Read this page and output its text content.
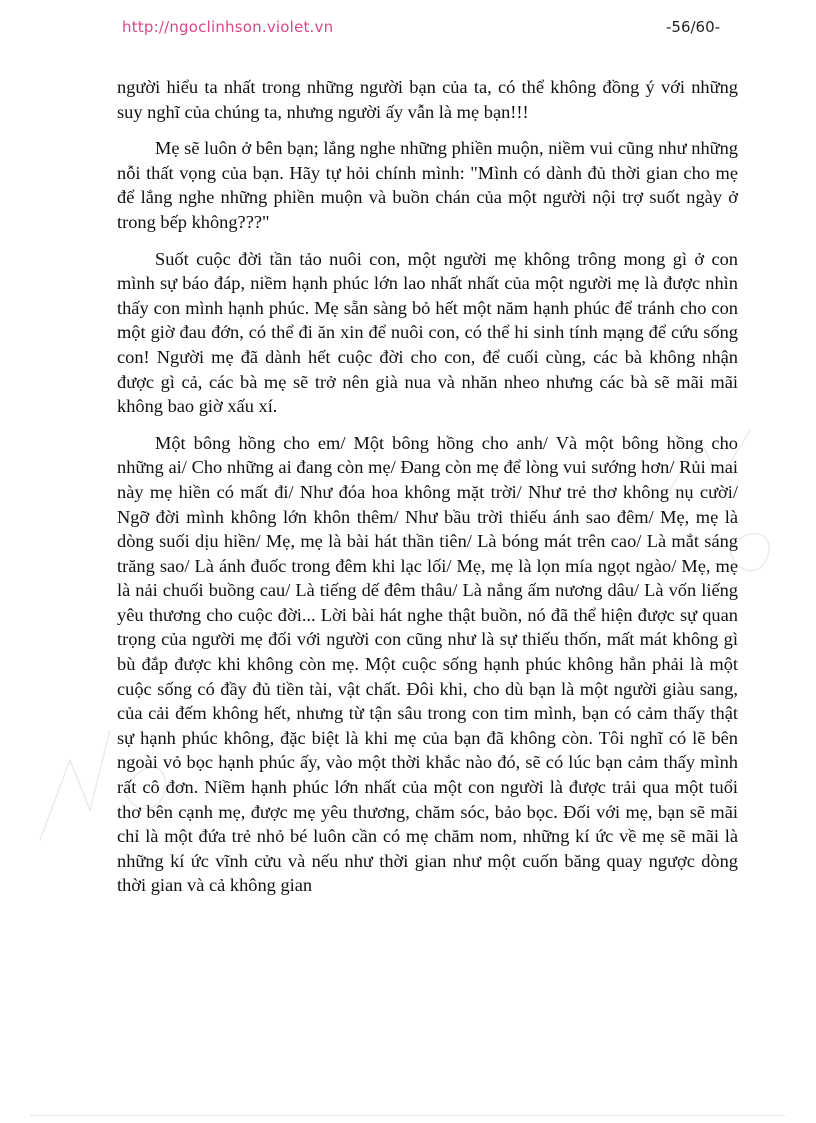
http://ngoclinhson.violet.vn	-56/60-

người hiểu ta nhất trong những người bạn của ta, có thể không đồng ý với những suy nghĩ của chúng ta, nhưng người ấy vẫn là mẹ bạn!!!

Mẹ sẽ luôn ở bên bạn; lắng nghe những phiền muộn, niềm vui cũng như những nỗi thất vọng của bạn. Hãy tự hỏi chính mình: "Mình có dành đủ thời gian cho mẹ để lắng nghe những phiền muộn và buồn chán của một người nội trợ suốt ngày ở trong bếp không???"

Suốt cuộc đời tần tảo nuôi con, một người mẹ không trông mong gì ở con mình sự báo đáp, niềm hạnh phúc lớn lao nhất nhất của một người mẹ là được nhìn thấy con mình hạnh phúc. Mẹ sẵn sàng bỏ hết một năm hạnh phúc để tránh cho con một giờ đau đớn, có thể đi ăn xin để nuôi con, có thể hi sinh tính mạng để cứu sống con! Người mẹ đã dành hết cuộc đời cho con, để cuối cùng, các bà không nhận được gì cả, các bà mẹ sẽ trở nên già nua và nhăn nheo nhưng các bà sẽ mãi mãi không bao giờ xấu xí.

Một bông hồng cho em/ Một bông hồng cho anh/ Và một bông hồng cho những ai/ Cho những ai đang còn mẹ/ Đang còn mẹ để lòng vui sướng hơn/ Rủi mai này mẹ hiền có mất đi/ Như đóa hoa không mặt trời/ Như trẻ thơ không nụ cười/ Ngỡ đời mình không lớn khôn thêm/ Như bầu trời thiếu ánh sao đêm/ Mẹ, mẹ là dòng suối dịu hiền/ Mẹ, mẹ là bài hát thần tiên/ Là bóng mát trên cao/ Là mắt sáng trăng sao/ Là ánh đuốc trong đêm khi lạc lối/ Mẹ, mẹ là lọn mía ngọt ngào/ Mẹ, mẹ là nải chuối buồng cau/ Là tiếng dế đêm thâu/ Là nắng ấm nương dâu/ Là vốn liếng yêu thương cho cuộc đời... Lời bài hát nghe thật buồn, nó đã thể hiện được sự quan trọng của người mẹ đối với người con cũng như là sự thiếu thốn, mất mát không gì bù đắp được khi không còn mẹ. Một cuộc sống hạnh phúc không hẳn phải là một cuộc sống có đầy đủ tiền tài, vật chất. Đôi khi, cho dù bạn là một người giàu sang, của cải đếm không hết, nhưng từ tận sâu trong con tim mình, bạn có cảm thấy thật sự hạnh phúc không, đặc biệt là khi mẹ của bạn đã không còn. Tôi nghĩ có lẽ bên ngoài vỏ bọc hạnh phúc ấy, vào một thời khắc nào đó, sẽ có lúc bạn cảm thấy mình rất cô đơn. Niềm hạnh phúc lớn nhất của một con người là được trải qua một tuổi thơ bên cạnh mẹ, được mẹ yêu thương, chăm sóc, bảo bọc. Đối với mẹ, bạn sẽ mãi chỉ là một đứa trẻ nhỏ bé luôn cần có mẹ chăm nom, những kí ức về mẹ sẽ mãi là những kí ức vĩnh cửu và nếu như thời gian như một cuốn băng quay ngược dòng thời gian và cả không gian
